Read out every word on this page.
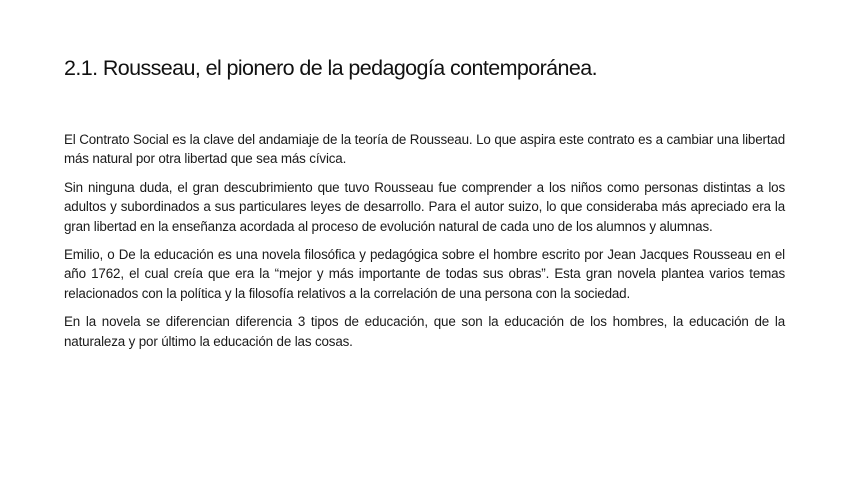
2.1. Rousseau, el pionero de la pedagogía contemporánea.

El Contrato Social es la clave del andamiaje de la teoría de Rousseau. Lo que aspira este contrato es a cambiar una libertad más natural por otra libertad que sea más cívica.

Sin ninguna duda, el gran descubrimiento que tuvo Rousseau fue comprender a los niños como personas distintas a los adultos y subordinados a sus particulares leyes de desarrollo. Para el autor suizo, lo que consideraba más apreciado era la gran libertad en la enseñanza acordada al proceso de evolución natural de cada uno de los alumnos y alumnas.

Emilio, o De la educación es una novela filosófica y pedagógica sobre el hombre escrito por Jean Jacques Rousseau en el año 1762, el cual creía que era la “mejor y más importante de todas sus obras”. Esta gran novela plantea varios temas relacionados con la política y la filosofía relativos a la correlación de una persona con la sociedad.

En la novela se diferencian diferencia 3 tipos de educación, que son la educación de los hombres, la educación de la naturaleza y por último la educación de las cosas.
